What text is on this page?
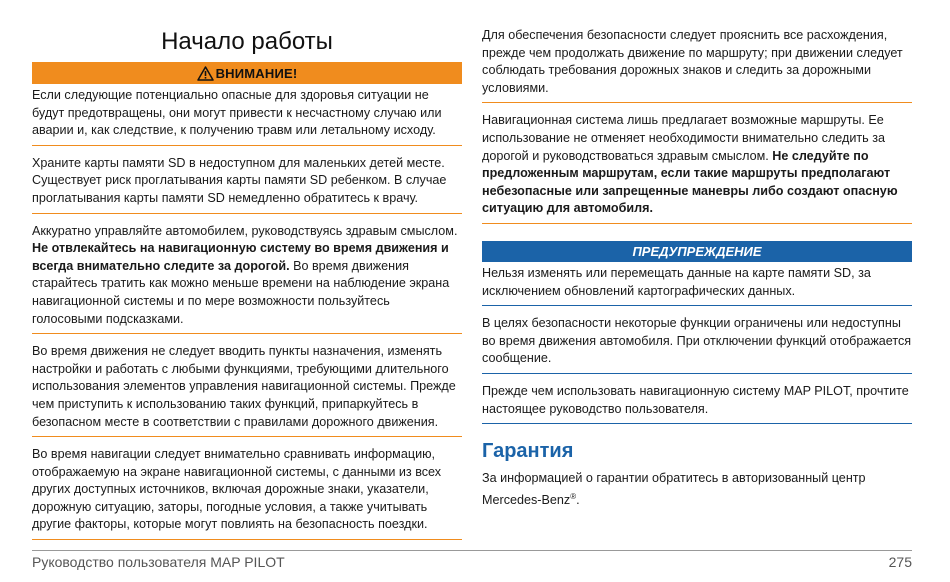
Начало работы
ВНИМАНИЕ!

Если следующие потенциально опасные для здоровья ситуации не будут предотвращены, они могут привести к несчастному случаю или аварии и, как следствие, к получению травм или летальному исходу.

Храните карты памяти SD в недоступном для маленьких детей месте. Существует риск проглатывания карты памяти SD ребенком. В случае проглатывания карты памяти SD немедленно обратитесь к врачу.

Аккуратно управляйте автомобилем, руководствуясь здравым смыслом. Не отвлекайтесь на навигационную систему во время движения и всегда внимательно следите за дорогой. Во время движения старайтесь тратить как можно меньше времени на наблюдение экрана навигационной системы и по мере возможности пользуйтесь голосовыми подсказками.

Во время движения не следует вводить пункты назначения, изменять настройки и работать с любыми функциями, требующими длительного использования элементов управления навигационной системы. Прежде чем приступить к использованию таких функций, припаркуйтесь в безопасном месте в соответствии с правилами дорожного движения.

Во время навигации следует внимательно сравнивать информацию, отображаемую на экране навигационной системы, с данными из всех других доступных источников, включая дорожные знаки, указатели, дорожную ситуацию, заторы, погодные условия, а также учитывать другие факторы, которые могут повлиять на безопасность поездки.

Для обеспечения безопасности следует прояснить все расхождения, прежде чем продолжать движение по маршруту; при движении следует соблюдать требования дорожных знаков и следить за дорожными условиями.

Навигационная система лишь предлагает возможные маршруты. Ее использование не отменяет необходимости внимательно следить за дорогой и руководствоваться здравым смыслом. Не следуйте по предложенным маршрутам, если такие маршруты предполагают небезопасные или запрещенные маневры либо создают опасную ситуацию для автомобиля.

ПРЕДУПРЕЖДЕНИЕ

Нельзя изменять или перемещать данные на карте памяти SD, за исключением обновлений картографических данных.

В целях безопасности некоторые функции ограничены или недоступны во время движения автомобиля. При отключении функций отображается сообщение.

Прежде чем использовать навигационную систему MAP PILOT, прочтите настоящее руководство пользователя.

Гарантия

За информацией о гарантии обратитесь в авторизованный центр Mercedes-Benz®.

Руководство пользователя MAP PILOT	275
